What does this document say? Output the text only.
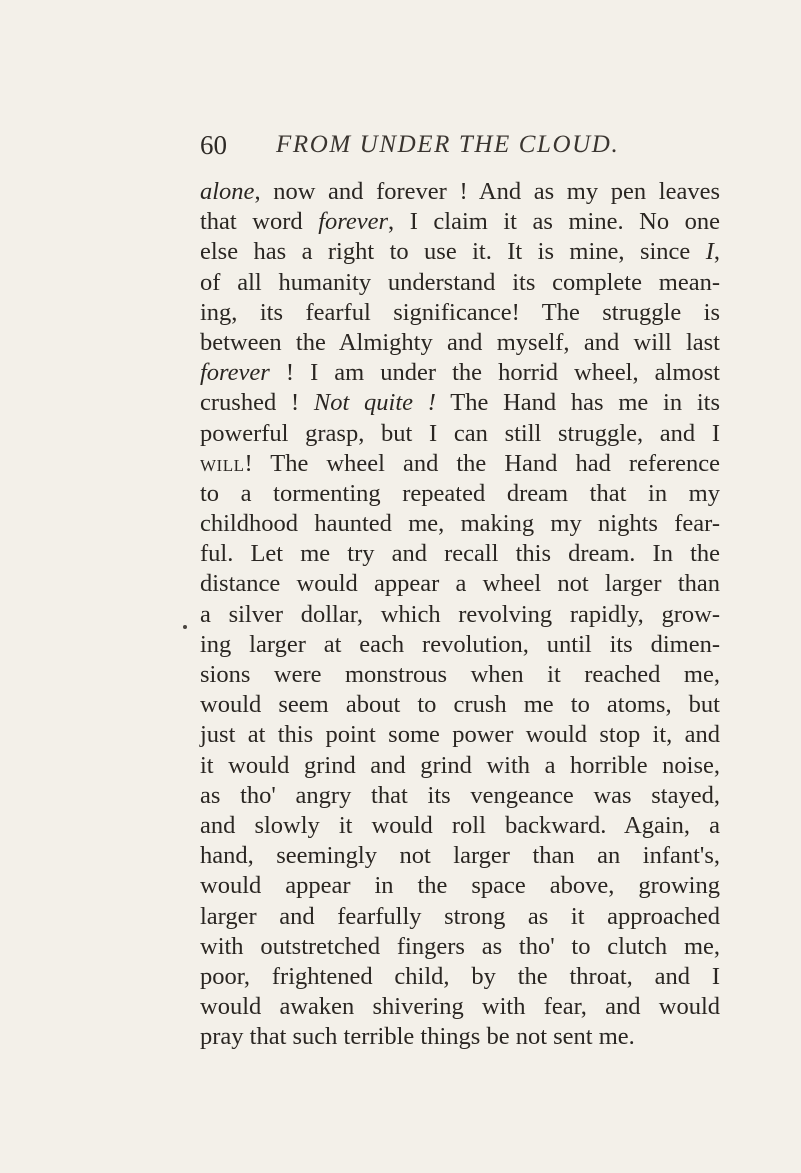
60 FROM UNDER THE CLOUD.
alone, now and forever ! And as my pen leaves
that word forever, I claim it as mine. No one
else has a right to use it. It is mine, since I,
of all humanity understand its complete mean-
ing, its fearful significance! The struggle is
between the Almighty and myself, and will last
forever ! I am under the horrid wheel, almost
crushed ! Not quite ! The Hand has me in its
powerful grasp, but I can still struggle, and I
will! The wheel and the Hand had reference
to a tormenting repeated dream that in my
childhood haunted me, making my nights fear-
ful. Let me try and recall this dream. In the
distance would appear a wheel not larger than
a silver dollar, which revolving rapidly, grow-
ing larger at each revolution, until its dimen-
sions were monstrous when it reached me,
would seem about to crush me to atoms, but
just at this point some power would stop it, and
it would grind and grind with a horrible noise,
as tho' angry that its vengeance was stayed,
and slowly it would roll backward. Again, a
hand, seemingly not larger than an infant's,
would appear in the space above, growing
larger and fearfully strong as it approached
with outstretched fingers as tho' to clutch me,
poor, frightened child, by the throat, and I
would awaken shivering with fear, and would
pray that such terrible things be not sent me.
